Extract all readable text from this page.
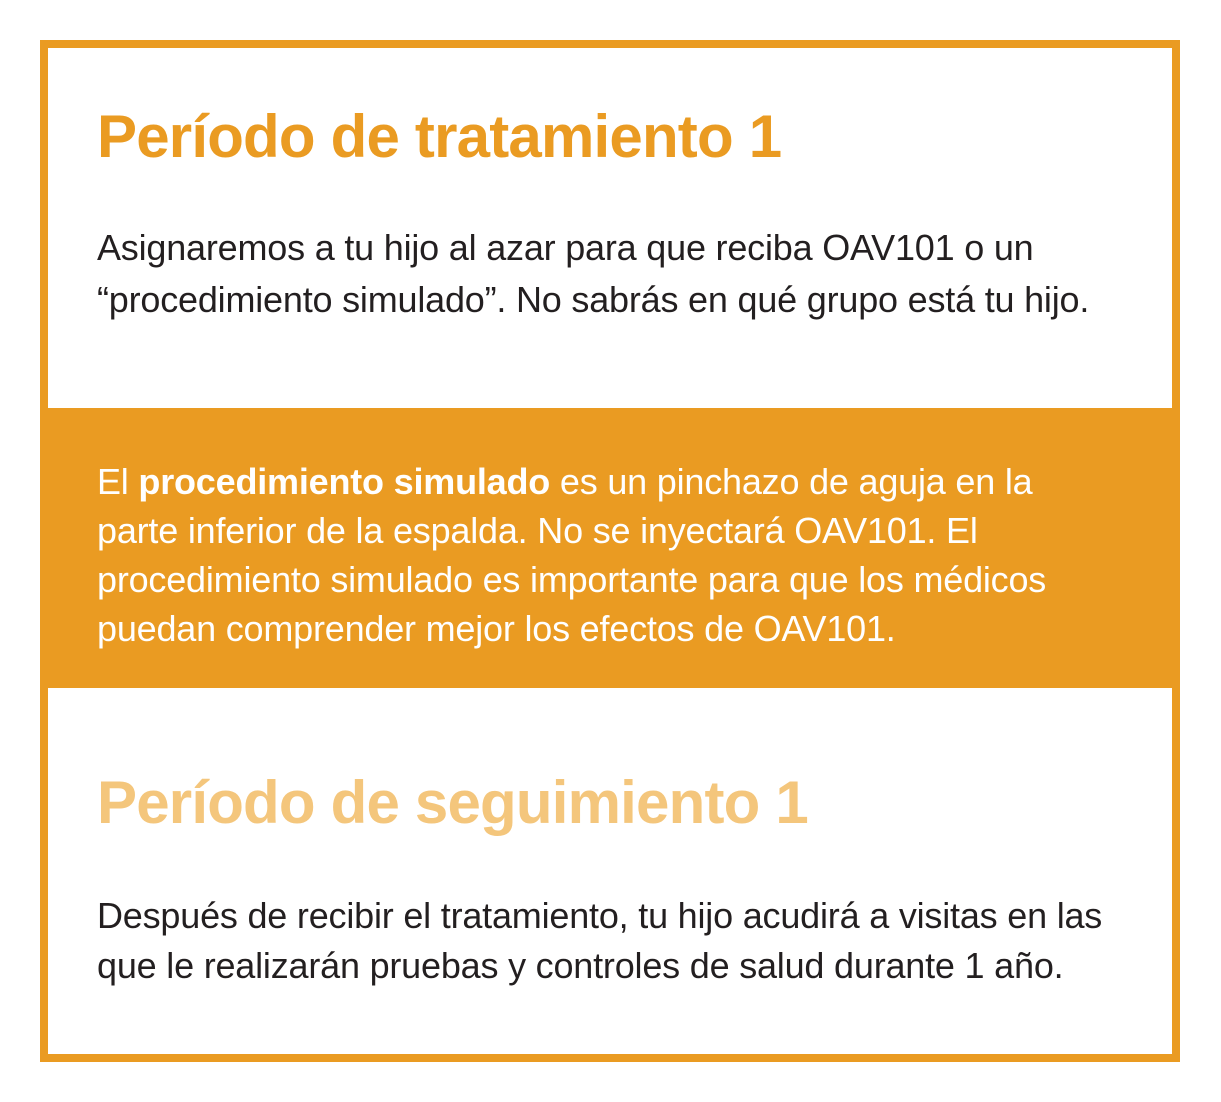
Período de tratamiento 1

Asignaremos a tu hijo al azar para que reciba OAV101 o un “procedimiento simulado”. No sabrás en qué grupo está tu hijo.

El procedimiento simulado es un pinchazo de aguja en la parte inferior de la espalda. No se inyectará OAV101. El procedimiento simulado es importante para que los médicos puedan comprender mejor los efectos de OAV101.

Período de seguimiento 1

Después de recibir el tratamiento, tu hijo acudirá a visitas en las que le realizarán pruebas y controles de salud durante 1 año.
